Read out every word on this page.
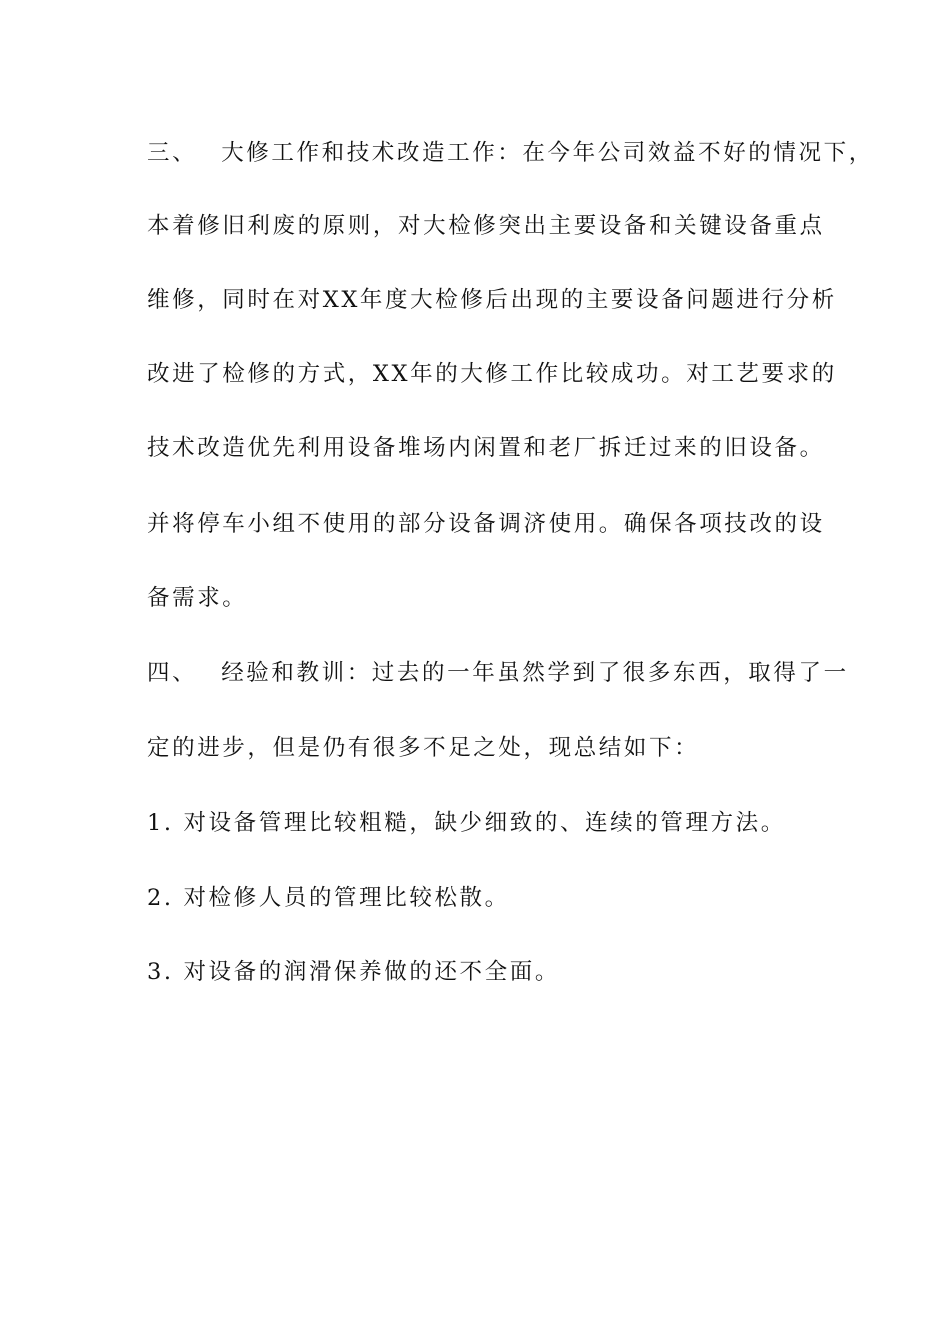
三、 大修工作和技术改造工作：在今年公司效益不好的情况下，
本着修旧利废的原则，对大检修突出主要设备和关键设备重点
维修，同时在对XX年度大检修后出现的主要设备问题进行分析
改进了检修的方式，XX年的大修工作比较成功。对工艺要求的
技术改造优先利用设备堆场内闲置和老厂拆迁过来的旧设备。
并将停车小组不使用的部分设备调济使用。确保各项技改的设
备需求。
四、 经验和教训：过去的一年虽然学到了很多东西，取得了一
定的进步，但是仍有很多不足之处，现总结如下：
1. 对设备管理比较粗糙，缺少细致的、连续的管理方法。
2. 对检修人员的管理比较松散。
3. 对设备的润滑保养做的还不全面。
